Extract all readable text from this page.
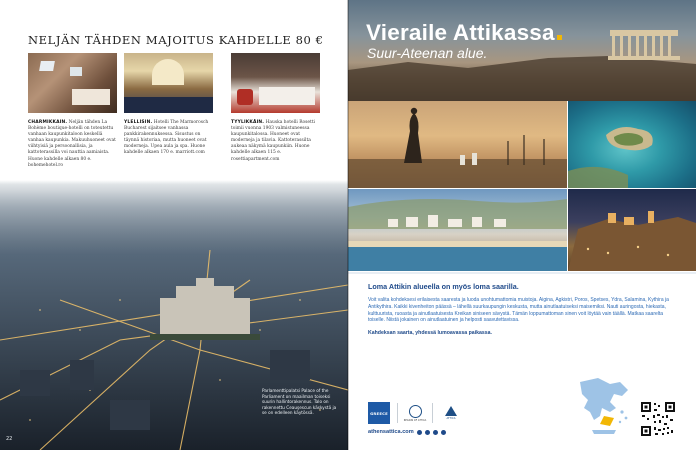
NELJÄN TÄHDEN MAJOITUS KAHDELLE 80 €
CHARMIKKAIN. Neljän tähden La Bohème boutique-hotelli on toteutettu vanhaan kaupunkitaloon keskellä vanhaa kaupunkia. Makuuhuoneet ovat viihtyisiä ja persoonallisia, ja kattoterassilla voi nauttia aamiaista. Huone kahdelle alkaen 80 e. bohemehotel.ro
YLELLISIN. Hotelli The Marmorosch Bucharest sijaitsee vanhassa pankkirakennuksessa. Sisustus on täynnä historiaa, mutta huoneet ovat moderneja. Upea aula ja spa. Huone kahdelle alkaen 170 e. marriott.com
TYYLIKKÄIN. Hauska hotelli Rosetti toimii vuonna 1903 valmistuneessa kaupunkitalossa. Huoneet ovat moderneja ja tilavia. Kattoterassilta aukeaa näkymä kaupunkiin. Huone kahdelle alkaen 115 e. rosettiapartment.com
Parlamenttipalatsi Palace of the Parliament on maailman toiseksi suurin hallintorakennus. Talo on rakennettu Ceauşescun käskystä ja se on edelleen käytössä.
22
Vieraile Attikassa
Suur-Ateenan alue.
Loma Attikin alueella on myös loma saarilla.
Voit valita kohdeksesi erilaisesta saaresta ja luoda unohtumattomia muistoja. Aigina, Agkistri, Poros, Spetses, Ydra, Salamina, Kythira ja Antikythira. Kaikki kivenheiton päässä – lähellä suurkaupungin keskusta, mutta ainutlaatuiseksi maisemiksi. Nauti auringosta, hiekasta, kulttuurista, ruoasta ja ainutlaatuisesta Kreikan siniseen sävystä. Tämän loppumattoman sinen voit löytää vain täällä. Matkaa saarelta toiselle. Niistä jokainen on ainutlaatuinen ja helposti saavutettavissa.
Kahdeksan saarta, yhdessä lumoavassa paikassa.
GREECE
REGION OF ATTICA	ATTICA
athensattica.com
